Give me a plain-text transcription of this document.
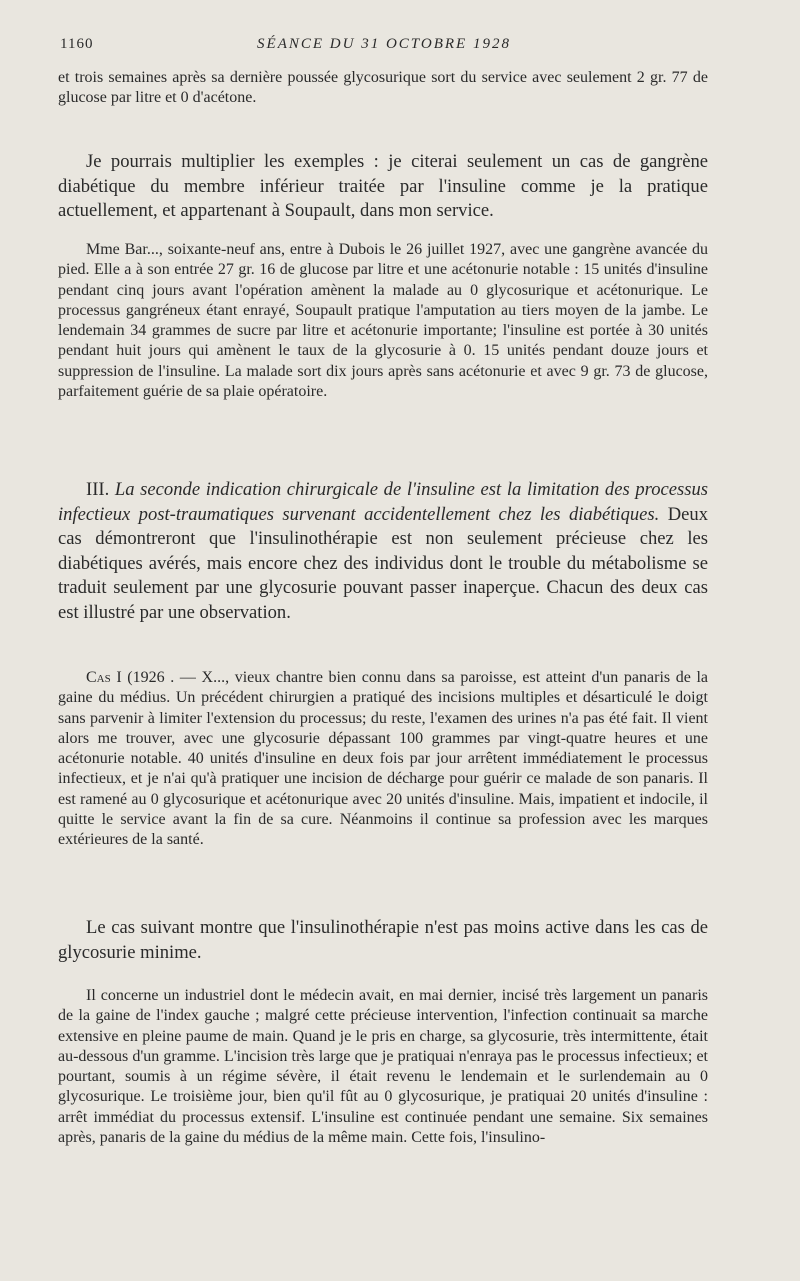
1160	SÉANCE DU 31 OCTOBRE 1928

et trois semaines après sa dernière poussée glycosurique sort du service avec seulement 2 gr. 77 de glucose par litre et 0 d'acétone.

Je pourrais multiplier les exemples : je citerai seulement un cas de gangrène diabétique du membre inférieur traitée par l'insuline comme je la pratique actuellement, et appartenant à Soupault, dans mon service.

Mme Bar..., soixante-neuf ans, entre à Dubois le 26 juillet 1927, avec une gangrène avancée du pied. Elle a à son entrée 27 gr. 16 de glucose par litre et une acétonurie notable : 15 unités d'insuline pendant cinq jours avant l'opération amènent la malade au 0 glycosurique et acétonurique. Le processus gangréneux étant enrayé, Soupault pratique l'amputation au tiers moyen de la jambe. Le lendemain 34 grammes de sucre par litre et acétonurie importante; l'insuline est portée à 30 unités pendant huit jours qui amènent le taux de la glycosurie à 0. 15 unités pendant douze jours et suppression de l'insuline. La malade sort dix jours après sans acétonurie et avec 9 gr. 73 de glucose, parfaitement guérie de sa plaie opératoire.

III. La seconde indication chirurgicale de l'insuline est la limitation des processus infectieux post-traumatiques survenant accidentellement chez les diabétiques. Deux cas démontreront que l'insulinothérapie est non seulement précieuse chez les diabétiques avérés, mais encore chez des individus dont le trouble du métabolisme se traduit seulement par une glycosurie pouvant passer inaperçue. Chacun des deux cas est illustré par une observation.

Cas I (1926 . — X..., vieux chantre bien connu dans sa paroisse, est atteint d'un panaris de la gaine du médius. Un précédent chirurgien a pratiqué des incisions multiples et désarticulé le doigt sans parvenir à limiter l'extension du processus; du reste, l'examen des urines n'a pas été fait. Il vient alors me trouver, avec une glycosurie dépassant 100 grammes par vingt-quatre heures et une acétonurie notable. 40 unités d'insuline en deux fois par jour arrêtent immédiatement le processus infectieux, et je n'ai qu'à pratiquer une incision de décharge pour guérir ce malade de son panaris. Il est ramené au 0 glycosurique et acétonurique avec 20 unités d'insuline. Mais, impatient et indocile, il quitte le service avant la fin de sa cure. Néanmoins il continue sa profession avec les marques extérieures de la santé.

Le cas suivant montre que l'insulinothérapie n'est pas moins active dans les cas de glycosurie minime.

Il concerne un industriel dont le médecin avait, en mai dernier, incisé très largement un panaris de la gaine de l'index gauche ; malgré cette précieuse intervention, l'infection continuait sa marche extensive en pleine paume de main. Quand je le pris en charge, sa glycosurie, très intermittente, était au-dessous d'un gramme. L'incision très large que je pratiquai n'enraya pas le processus infectieux; et pourtant, soumis à un régime sévère, il était revenu le lendemain et le surlendemain au 0 glycosurique. Le troisième jour, bien qu'il fût au 0 glycosurique, je pratiquai 20 unités d'insuline : arrêt immédiat du processus extensif. L'insuline est continuée pendant une semaine. Six semaines après, panaris de la gaine du médius de la même main. Cette fois, l'insulino-
